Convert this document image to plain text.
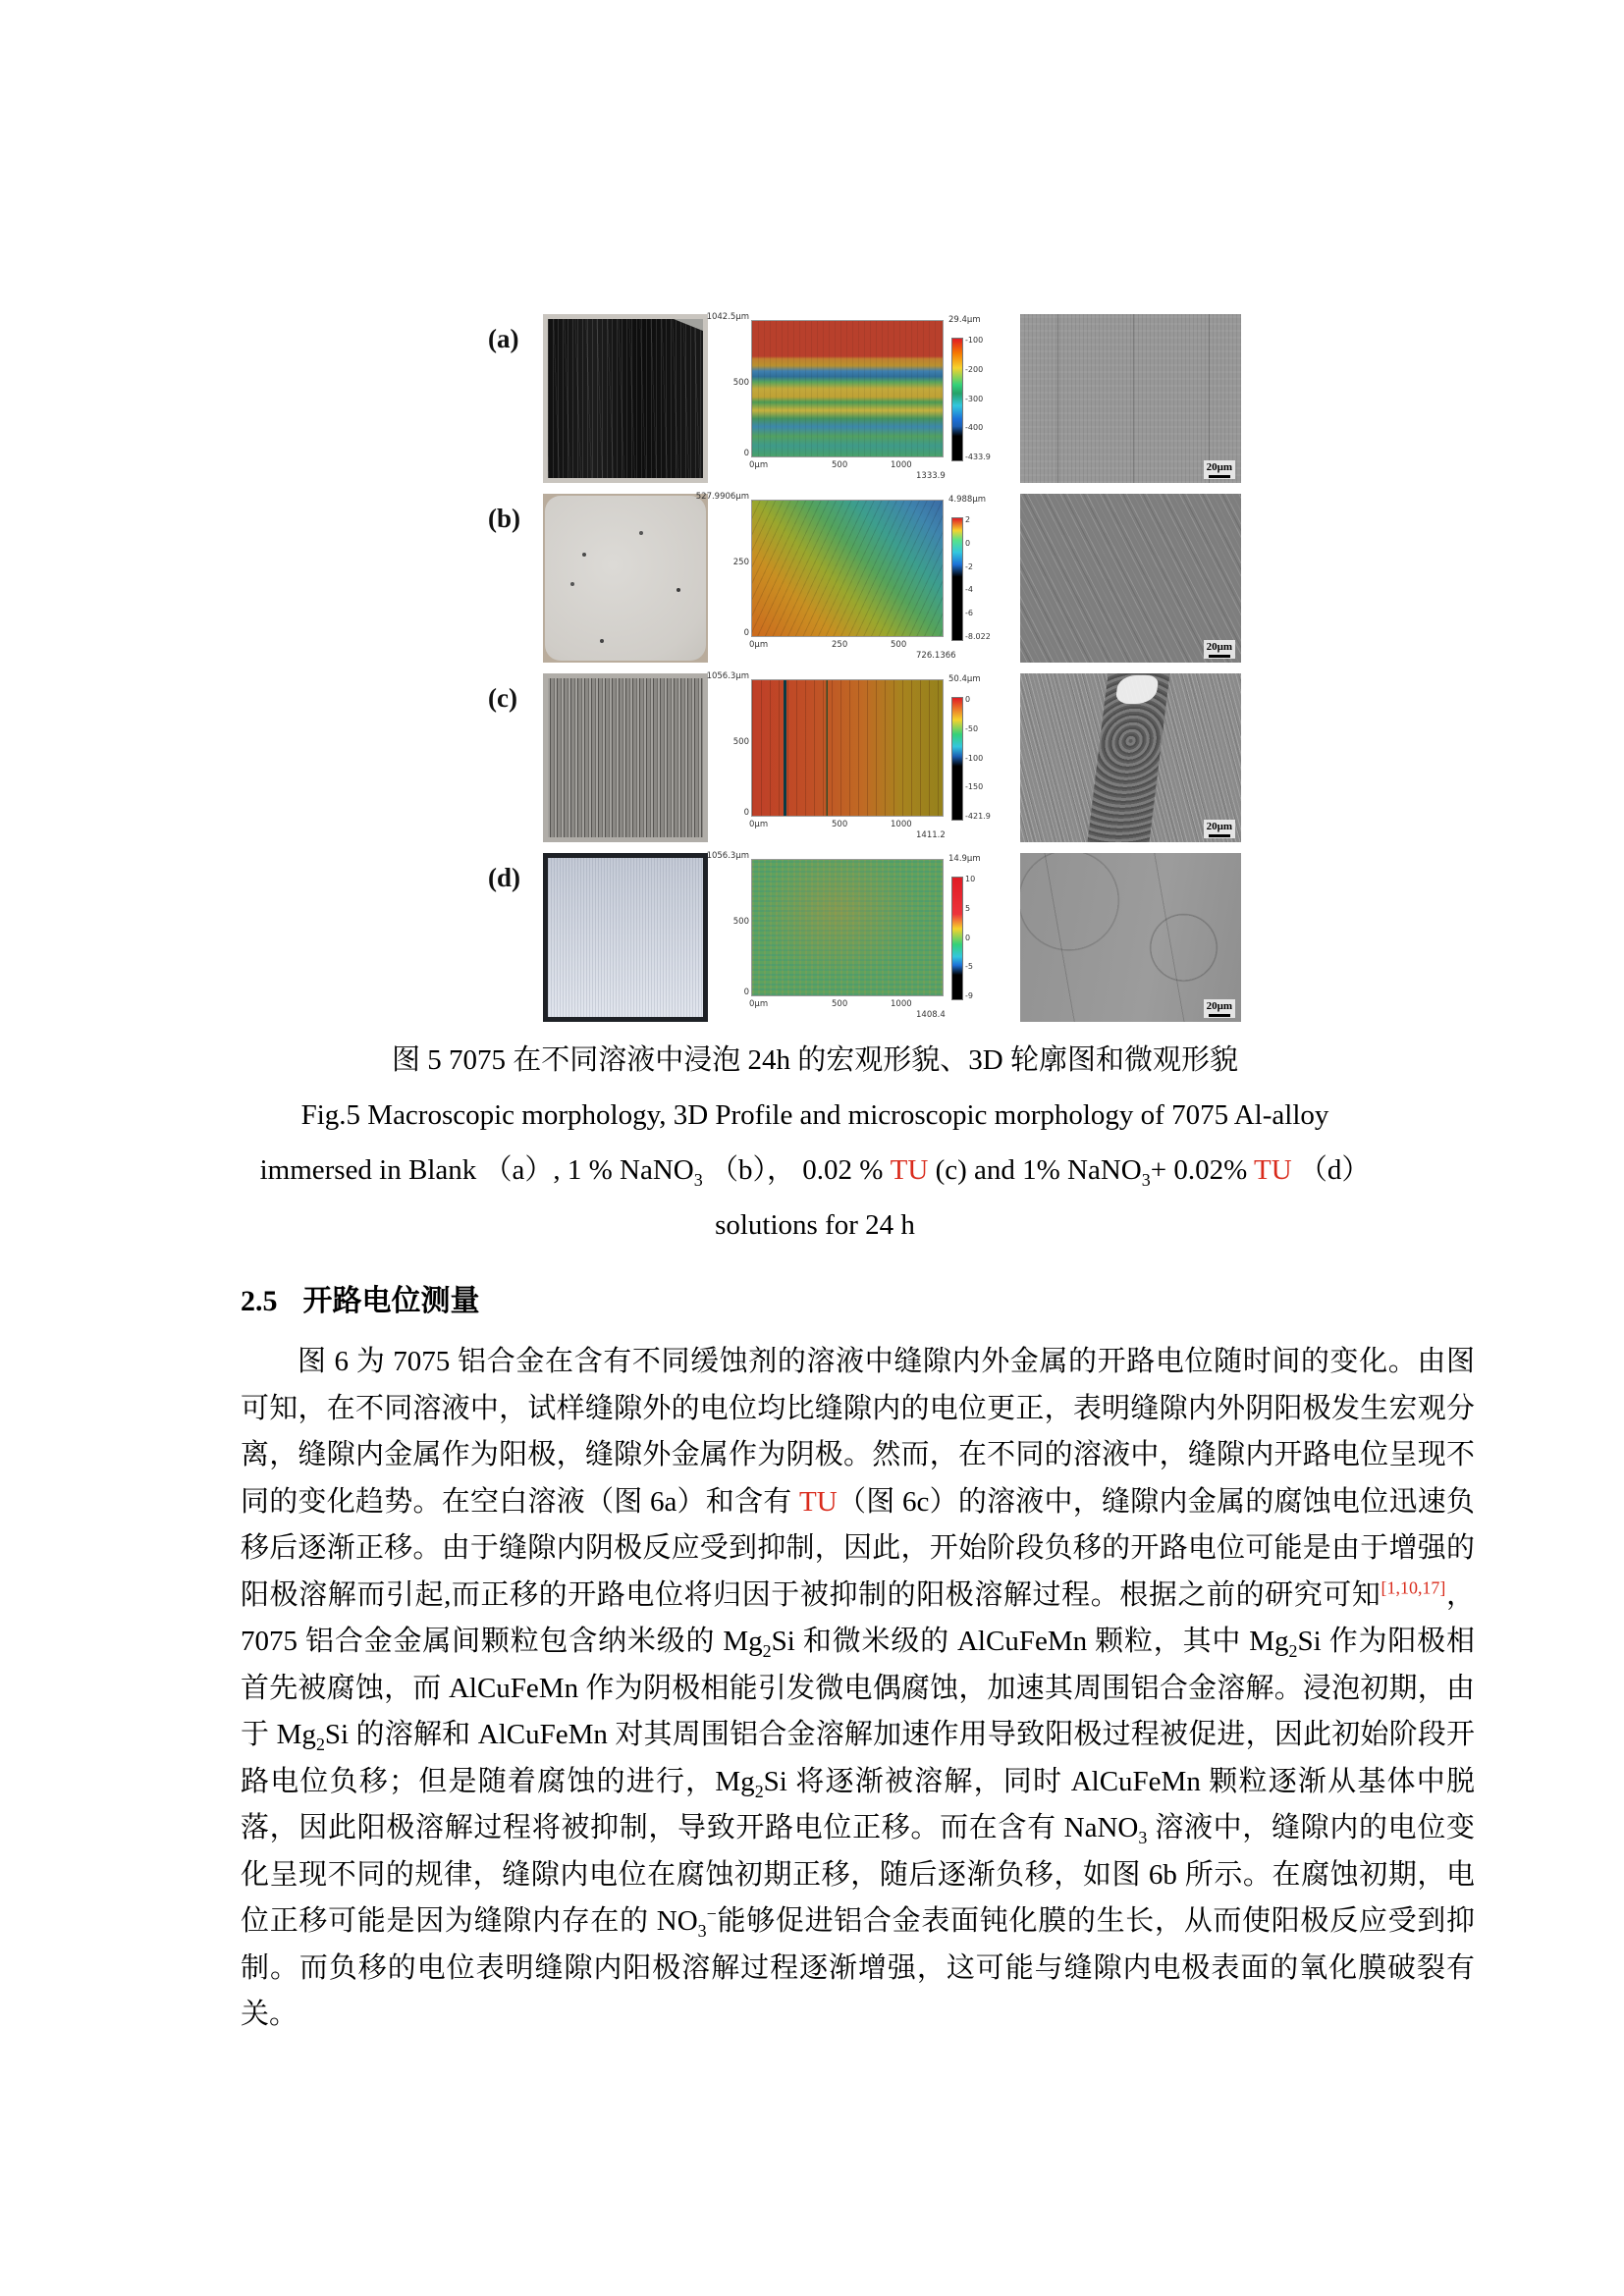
(a)
1042.5μm
500
0
0μm	500	1000
1333.9
29.4μm
-100
-200
-300
-400
-433.9
20μm
(b)
527.9906μm
250
0
0μm	250	500
726.1366
4.988μm
2
0
-2
-4
-6
-8.022
20μm
(c)
1056.3μm
500
0
0μm	500	1000
1411.2
50.4μm
0
-50
-100
-150
-421.9
20μm
(d)
1056.3μm
500
0
0μm	500	1000
1408.4
14.9μm
10
5
0
-5
-9
20μm
图 5 7075 在不同溶液中浸泡 24h 的宏观形貌、3D 轮廓图和微观形貌
Fig.5 Macroscopic morphology, 3D Profile and microscopic morphology of 7075 Al-alloy
immersed in Blank （a）, 1 % NaNO$_3$ （b）， 0.02 % TU (c) and 1% NaNO$_3$+ 0.02% TU （d）
solutions for 24 h
2.5 开路电位测量
图 6 为 7075 铝合金在含有不同缓蚀剂的溶液中缝隙内外金属的开路电位随时间的变化。由图可知，在不同溶液中，试样缝隙外的电位均比缝隙内的电位更正，表明缝隙内外阴阳极发生宏观分离，缝隙内金属作为阳极，缝隙外金属作为阴极。然而，在不同的溶液中，缝隙内开路电位呈现不同的变化趋势。在空白溶液（图 6a）和含有 TU（图 6c）的溶液中，缝隙内金属的腐蚀电位迅速负移后逐渐正移。由于缝隙内阴极反应受到抑制，因此，开始阶段负移的开路电位可能是由于增强的阳极溶解而引起,而正移的开路电位将归因于被抑制的阳极溶解过程。根据之前的研究可知[1,10,17]，7075 铝合金金属间颗粒包含纳米级的 $Mg_2Si$ 和微米级的 AlCuFeMn 颗粒，其中 $Mg_2Si$ 作为阳极相首先被腐蚀，而 AlCuFeMn 作为阴极相能引发微电偶腐蚀，加速其周围铝合金溶解。浸泡初期，由于 $Mg_2Si$ 的溶解和 AlCuFeMn 对其周围铝合金溶解加速作用导致阳极过程被促进，因此初始阶段开路电位负移；但是随着腐蚀的进行，$Mg_2Si$ 将逐渐被溶解，同时 AlCuFeMn 颗粒逐渐从基体中脱落，因此阳极溶解过程将被抑制，导致开路电位正移。而在含有 NaNO$_3$ 溶液中，缝隙内的电位变化呈现不同的规律，缝隙内电位在腐蚀初期正移，随后逐渐负移，如图 6b 所示。在腐蚀初期，电位正移可能是因为缝隙内存在的 $NO_3^-$能够促进铝合金表面钝化膜的生长，从而使阳极反应受到抑制。而负移的电位表明缝隙内阳极溶解过程逐渐增强，这可能与缝隙内电极表面的氧化膜破裂有关。
